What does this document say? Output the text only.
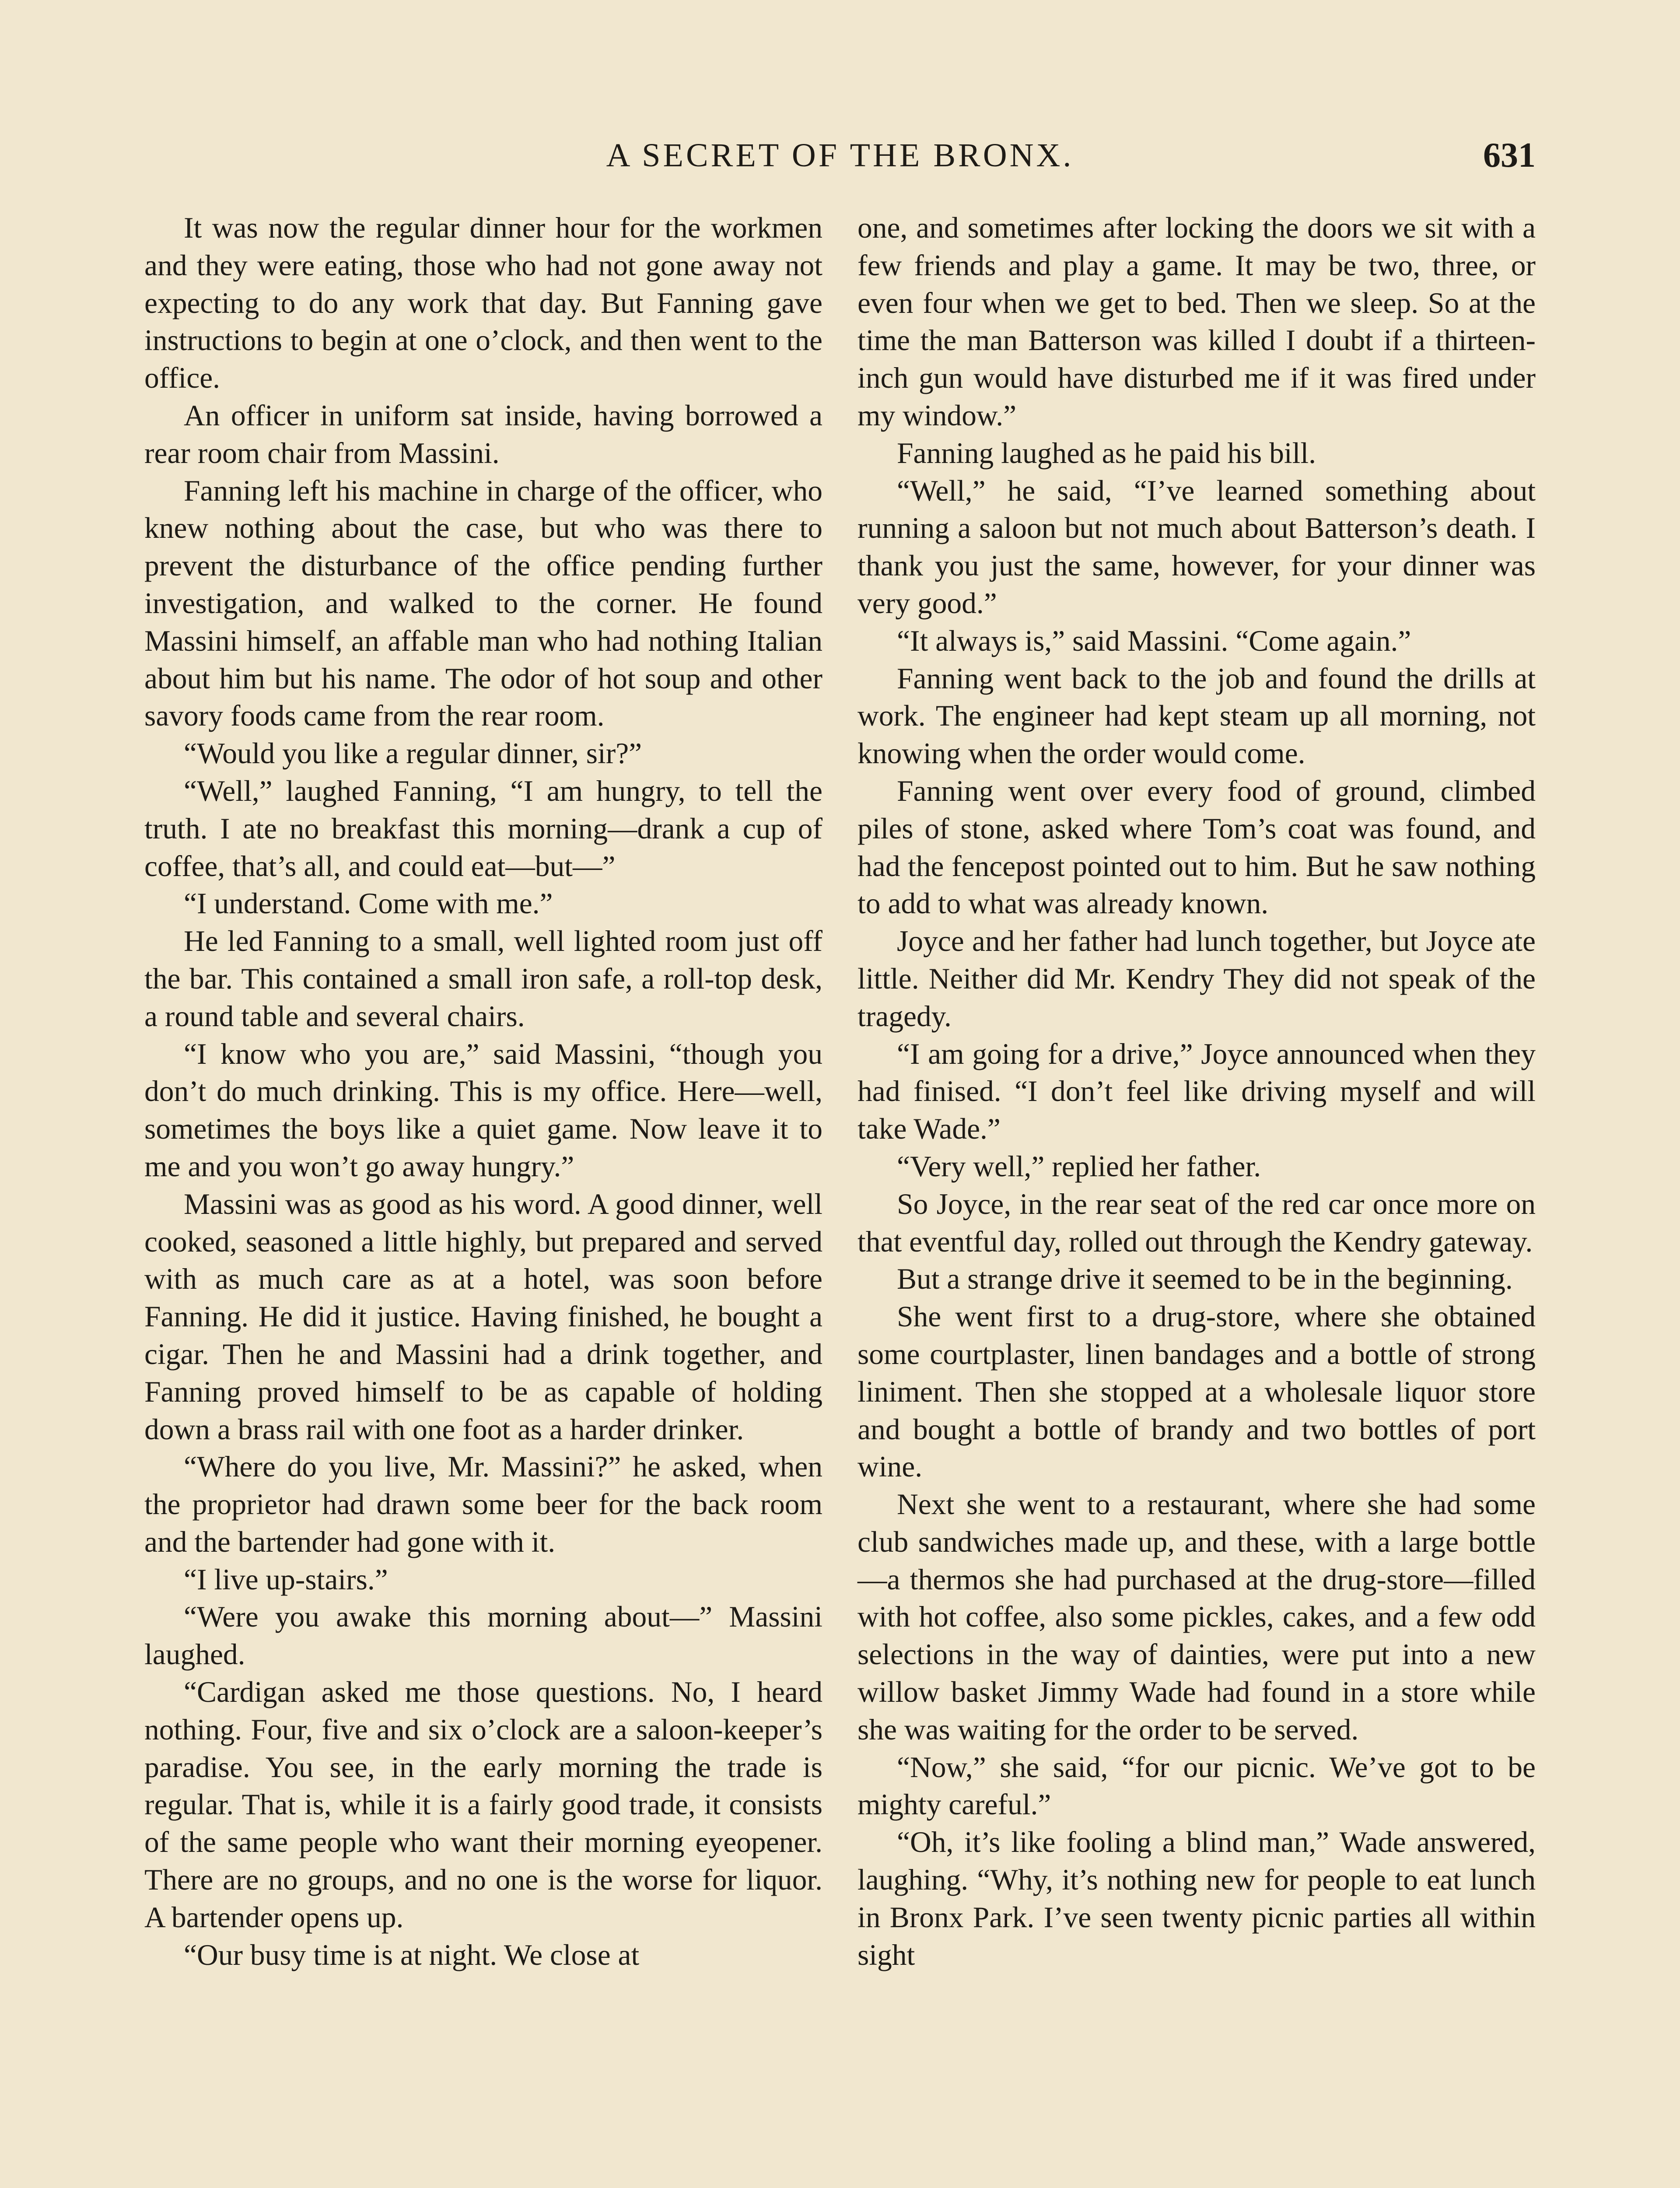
A SECRET OF THE BRONX.	631

It was now the regular dinner hour for the workmen and they were eating, those who had not gone away not expecting to do any work that day. But Fanning gave instructions to begin at one o’clock, and then went to the office.

An officer in uniform sat inside, having borrowed a rear room chair from Massini.

Fanning left his machine in charge of the officer, who knew nothing about the case, but who was there to prevent the disturbance of the office pending further investigation, and walked to the corner. He found Massini himself, an affable man who had nothing Italian about him but his name. The odor of hot soup and other savory foods came from the rear room.

“Would you like a regular dinner, sir?”

“Well,” laughed Fanning, “I am hungry, to tell the truth. I ate no breakfast this morning—drank a cup of coffee, that’s all, and could eat—but—”

“I understand. Come with me.”

He led Fanning to a small, well lighted room just off the bar. This contained a small iron safe, a roll-top desk, a round table and several chairs.

“I know who you are,” said Massini, “though you don’t do much drinking. This is my office. Here—well, sometimes the boys like a quiet game. Now leave it to me and you won’t go away hungry.”

Massini was as good as his word. A good dinner, well cooked, seasoned a little highly, but prepared and served with as much care as at a hotel, was soon before Fanning. He did it justice. Having finished, he bought a cigar. Then he and Massini had a drink together, and Fanning proved himself to be as capable of holding down a brass rail with one foot as a harder drinker.

“Where do you live, Mr. Massini?” he asked, when the proprietor had drawn some beer for the back room and the bartender had gone with it.

“I live up-stairs.”

“Were you awake this morning about—” Massini laughed.

“Cardigan asked me those questions. No, I heard nothing. Four, five and six o’clock are a saloon-keeper’s paradise. You see, in the early morning the trade is regular. That is, while it is a fairly good trade, it consists of the same people who want their morning eyeopener. There are no groups, and no one is the worse for liquor. A bartender opens up.

“Our busy time is at night. We close at

one, and sometimes after locking the doors we sit with a few friends and play a game. It may be two, three, or even four when we get to bed. Then we sleep. So at the time the man Batterson was killed I doubt if a thirteen-inch gun would have disturbed me if it was fired under my window.”

Fanning laughed as he paid his bill.

“Well,” he said, “I’ve learned something about running a saloon but not much about Batterson’s death. I thank you just the same, however, for your dinner was very good.”

“It always is,” said Massini. “Come again.”

Fanning went back to the job and found the drills at work. The engineer had kept steam up all morning, not knowing when the order would come.

Fanning went over every food of ground, climbed piles of stone, asked where Tom’s coat was found, and had the fencepost pointed out to him. But he saw nothing to add to what was already known.

Joyce and her father had lunch together, but Joyce ate little. Neither did Mr. Kendry They did not speak of the tragedy.

“I am going for a drive,” Joyce announced when they had finised. “I don’t feel like driving myself and will take Wade.”

“Very well,” replied her father.

So Joyce, in the rear seat of the red car once more on that eventful day, rolled out through the Kendry gateway.

But a strange drive it seemed to be in the beginning.

She went first to a drug-store, where she obtained some courtplaster, linen bandages and a bottle of strong liniment. Then she stopped at a wholesale liquor store and bought a bottle of brandy and two bottles of port wine.

Next she went to a restaurant, where she had some club sandwiches made up, and these, with a large bottle—a thermos she had purchased at the drug-store—filled with hot coffee, also some pickles, cakes, and a few odd selections in the way of dainties, were put into a new willow basket Jimmy Wade had found in a store while she was waiting for the order to be served.

“Now,” she said, “for our picnic. We’ve got to be mighty careful.”

“Oh, it’s like fooling a blind man,” Wade answered, laughing. “Why, it’s nothing new for people to eat lunch in Bronx Park. I’ve seen twenty picnic parties all within sight
